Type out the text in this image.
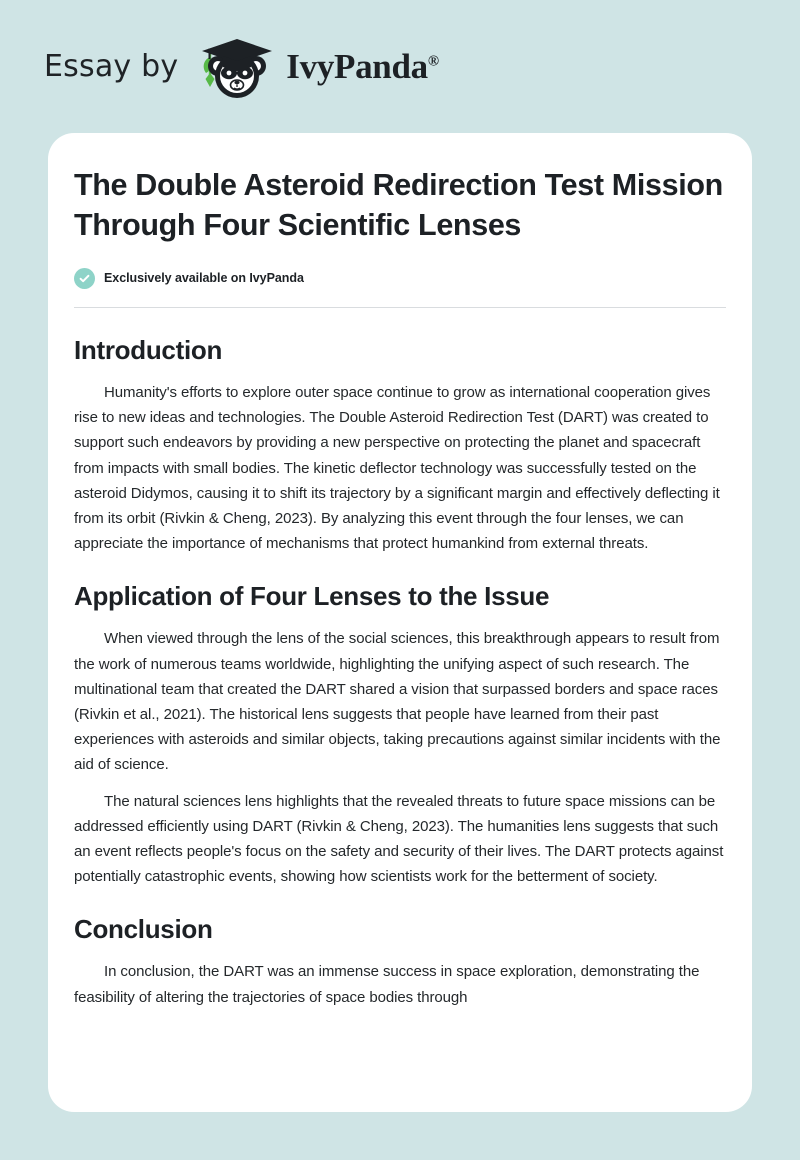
Essay by	IvyPanda®
The Double Asteroid Redirection Test Mission Through Four Scientific Lenses
Exclusively available on IvyPanda
Introduction

Humanity's efforts to explore outer space continue to grow as international cooperation gives rise to new ideas and technologies. The Double Asteroid Redirection Test (DART) was created to support such endeavors by providing a new perspective on protecting the planet and spacecraft from impacts with small bodies. The kinetic deflector technology was successfully tested on the asteroid Didymos, causing it to shift its trajectory by a significant margin and effectively deflecting it from its orbit (Rivkin & Cheng, 2023). By analyzing this event through the four lenses, we can appreciate the importance of mechanisms that protect humankind from external threats.

Application of Four Lenses to the Issue

When viewed through the lens of the social sciences, this breakthrough appears to result from the work of numerous teams worldwide, highlighting the unifying aspect of such research. The multinational team that created the DART shared a vision that surpassed borders and space races (Rivkin et al., 2021). The historical lens suggests that people have learned from their past experiences with asteroids and similar objects, taking precautions against similar incidents with the aid of science.

The natural sciences lens highlights that the revealed threats to future space missions can be addressed efficiently using DART (Rivkin & Cheng, 2023). The humanities lens suggests that such an event reflects people's focus on the safety and security of their lives. The DART protects against potentially catastrophic events, showing how scientists work for the betterment of society.

Conclusion

In conclusion, the DART was an immense success in space exploration, demonstrating the feasibility of altering the trajectories of space bodies through
